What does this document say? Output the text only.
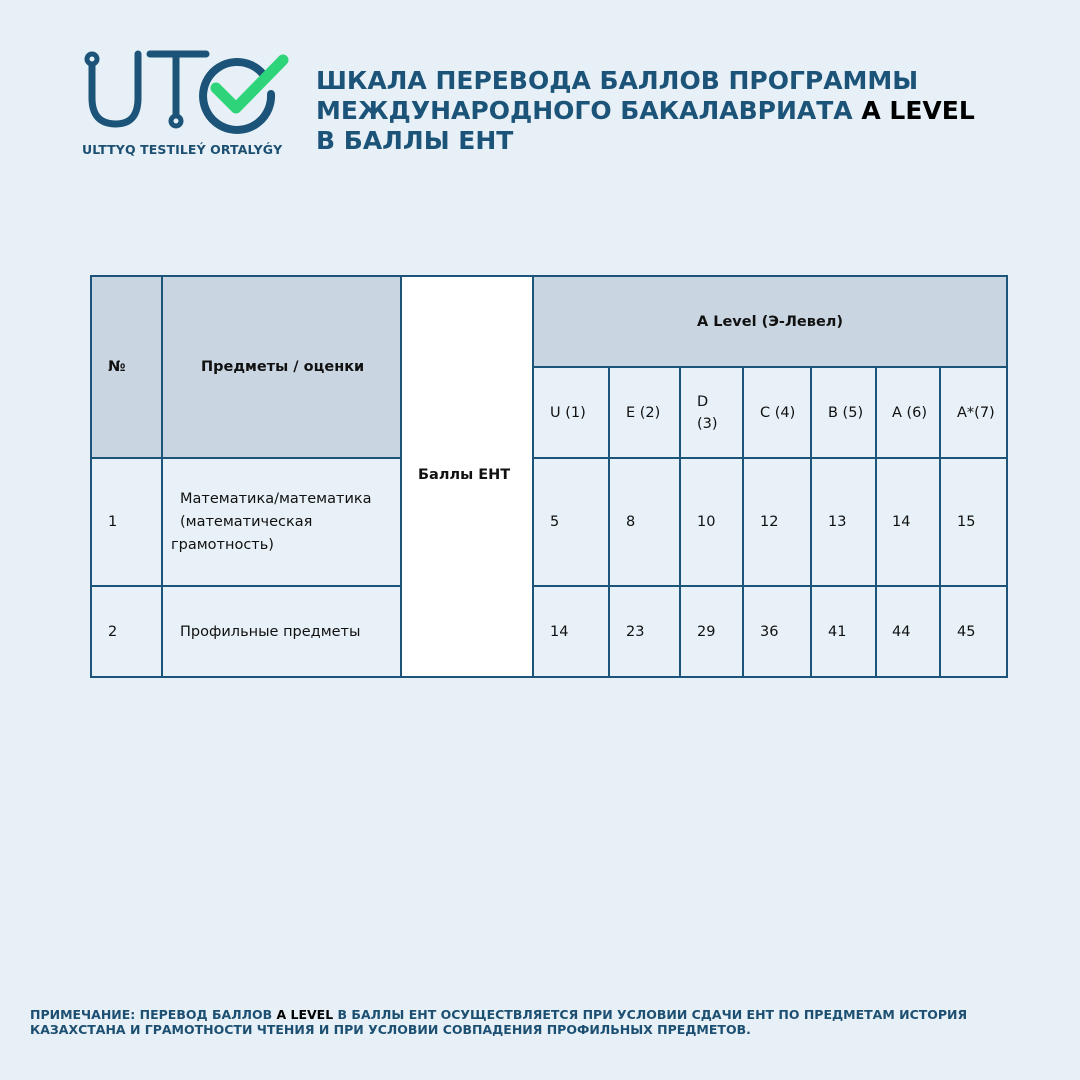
ULTTYQ TESTILEÝ ORTALYǴY
ШКАЛА ПЕРЕВОДА БАЛЛОВ ПРОГРАММЫ
МЕЖДУНАРОДНОГО БАКАЛАВРИАТА A LEVEL
В БАЛЛЫ ЕНТ
№	Предметы / оценки	Баллы ЕНТ	A Level (Э-Левел)						
			U (1)	E (2)	D (3)	C (4)	B (5)	A (6)	A*(7)
1	Математика/математика
(математическая
грамотность)		5	8	10	12	13	14	15
2	Профильные предметы		14	23	29	36	41	44	45
ПРИМЕЧАНИЕ: ПЕРЕВОД БАЛЛОВ A LEVEL В БАЛЛЫ ЕНТ ОСУЩЕСТВЛЯЕТСЯ ПРИ УСЛОВИИ СДАЧИ ЕНТ ПО ПРЕДМЕТАМ ИСТОРИЯ КАЗАХСТАНА И ГРАМОТНОСТИ ЧТЕНИЯ И ПРИ УСЛОВИИ СОВПАДЕНИЯ ПРОФИЛЬНЫХ ПРЕДМЕТОВ.
